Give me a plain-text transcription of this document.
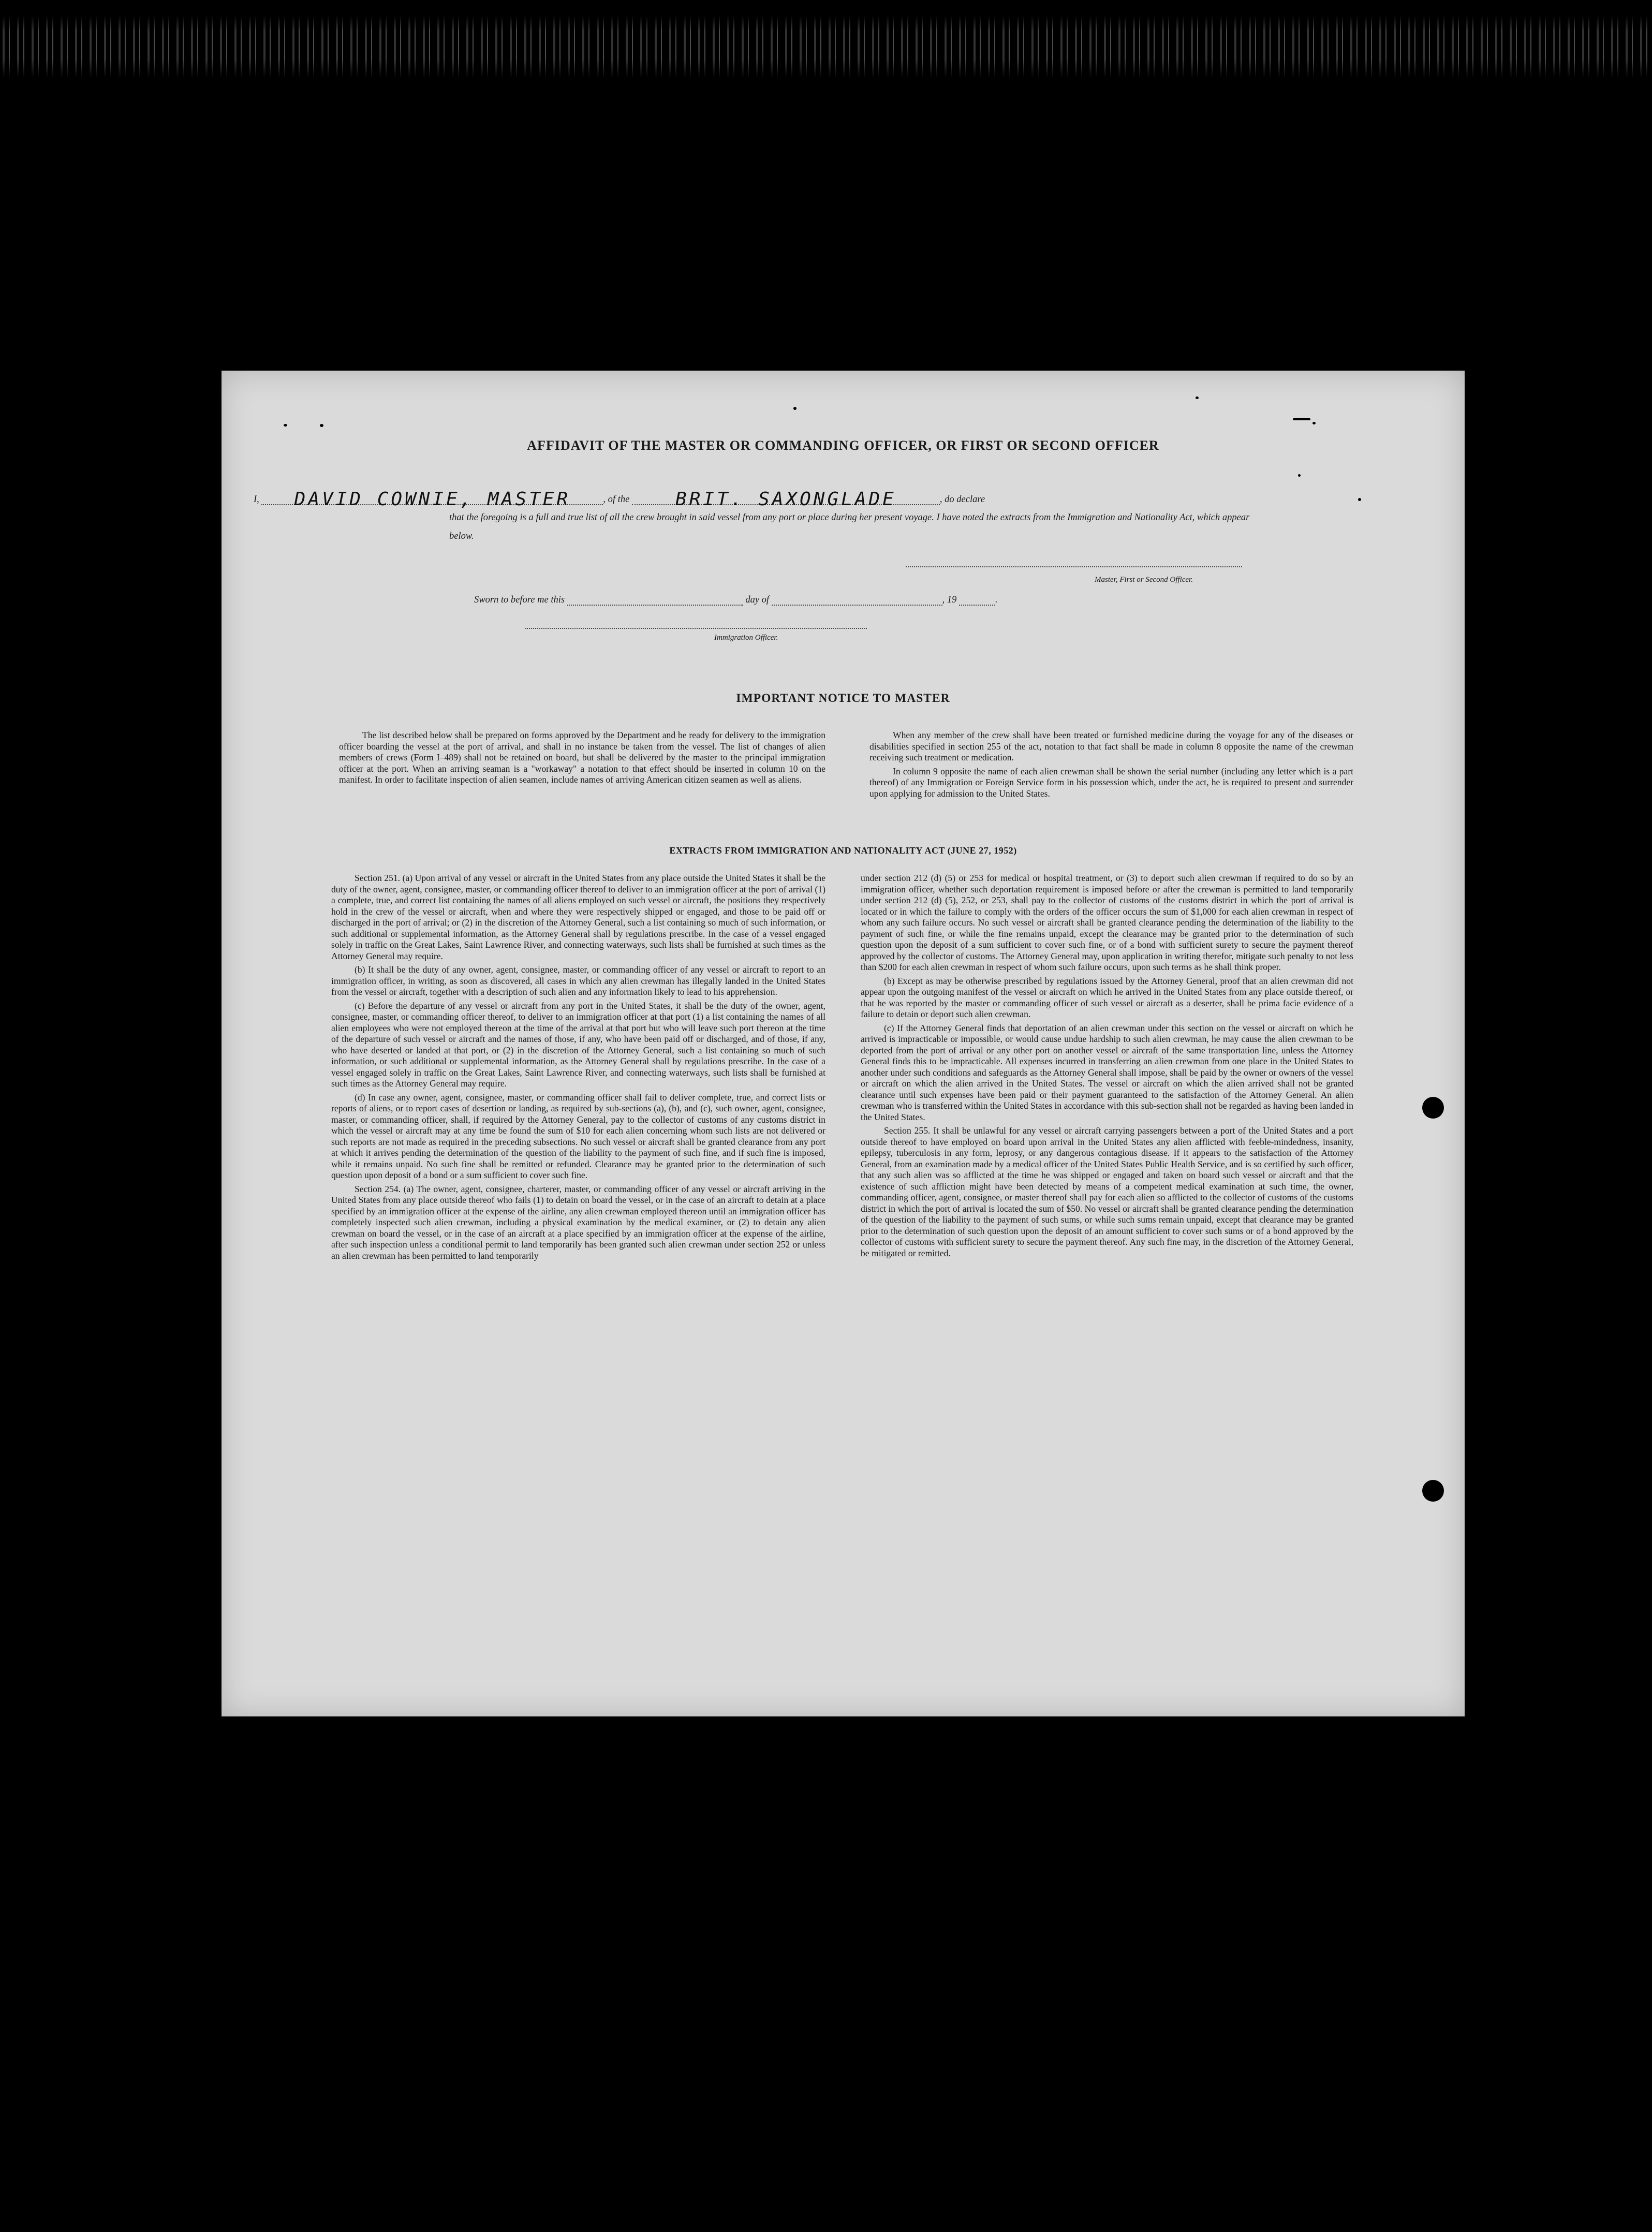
AFFIDAVIT OF THE MASTER OR COMMANDING OFFICER, OR FIRST OR SECOND OFFICER
I, DAVID COWNIE, MASTER	, of the BRIT. SAXONGLADE	, do declare
that the foregoing is a full and true list of all the crew brought in said vessel from any port or place during her present voyage. I have noted the extracts from the Immigration and Nationality Act, which appear below.
Master, First or Second Officer.
Sworn to before me this	day of	, 19	.
Immigration Officer.
IMPORTANT NOTICE TO MASTER

The list described below shall be prepared on forms approved by the Department and be ready for delivery to the immigration officer boarding the vessel at the port of arrival, and shall in no instance be taken from the vessel. The list of changes of alien members of crews (Form I–489) shall not be retained on board, but shall be delivered by the master to the principal immigration officer at the port. When an arriving seaman is a "workaway" a notation to that effect should be inserted in column 10 on the manifest. In order to facilitate inspection of alien seamen, include names of arriving American citizen seamen as well as aliens.

When any member of the crew shall have been treated or furnished medicine during the voyage for any of the diseases or disabilities specified in section 255 of the act, notation to that fact shall be made in column 8 opposite the name of the crewman receiving such treatment or medication.

In column 9 opposite the name of each alien crewman shall be shown the serial number (including any letter which is a part thereof) of any Immigration or Foreign Service form in his possession which, under the act, he is required to present and surrender upon applying for admission to the United States.

EXTRACTS FROM IMMIGRATION AND NATIONALITY ACT (JUNE 27, 1952)

Section 251. (a) Upon arrival of any vessel or aircraft in the United States from any place outside the United States it shall be the duty of the owner, agent, consignee, master, or commanding officer thereof to deliver to an immigration officer at the port of arrival (1) a complete, true, and correct list containing the names of all aliens employed on such vessel or aircraft, the positions they respectively hold in the crew of the vessel or aircraft, when and where they were respectively shipped or engaged, and those to be paid off or discharged in the port of arrival; or (2) in the discretion of the Attorney General, such a list containing so much of such information, or such additional or supplemental information, as the Attorney General shall by regulations prescribe. In the case of a vessel engaged solely in traffic on the Great Lakes, Saint Lawrence River, and connecting waterways, such lists shall be furnished at such times as the Attorney General may require.

(b) It shall be the duty of any owner, agent, consignee, master, or commanding officer of any vessel or aircraft to report to an immigration officer, in writing, as soon as discovered, all cases in which any alien crewman has illegally landed in the United States from the vessel or aircraft, together with a description of such alien and any information likely to lead to his apprehension.

(c) Before the departure of any vessel or aircraft from any port in the United States, it shall be the duty of the owner, agent, consignee, master, or commanding officer thereof, to deliver to an immigration officer at that port (1) a list containing the names of all alien employees who were not employed thereon at the time of the arrival at that port but who will leave such port thereon at the time of the departure of such vessel or aircraft and the names of those, if any, who have been paid off or discharged, and of those, if any, who have deserted or landed at that port, or (2) in the discretion of the Attorney General, such a list containing so much of such information, or such additional or supplemental information, as the Attorney General shall by regulations prescribe. In the case of a vessel engaged solely in traffic on the Great Lakes, Saint Lawrence River, and connecting waterways, such lists shall be furnished at such times as the Attorney General may require.

(d) In case any owner, agent, consignee, master, or commanding officer shall fail to deliver complete, true, and correct lists or reports of aliens, or to report cases of desertion or landing, as required by sub-sections (a), (b), and (c), such owner, agent, consignee, master, or commanding officer, shall, if required by the Attorney General, pay to the collector of customs of any customs district in which the vessel or aircraft may at any time be found the sum of $10 for each alien concerning whom such lists are not delivered or such reports are not made as required in the preceding subsections. No such vessel or aircraft shall be granted clearance from any port at which it arrives pending the determination of the question of the liability to the payment of such fine, and if such fine is imposed, while it remains unpaid. No such fine shall be remitted or refunded. Clearance may be granted prior to the determination of such question upon deposit of a bond or a sum sufficient to cover such fine.

Section 254. (a) The owner, agent, consignee, charterer, master, or commanding officer of any vessel or aircraft arriving in the United States from any place outside thereof who fails (1) to detain on board the vessel, or in the case of an aircraft to detain at a place specified by an immigration officer at the expense of the airline, any alien crewman employed thereon until an immigration officer has completely inspected such alien crewman, including a physical examination by the medical examiner, or (2) to detain any alien crewman on board the vessel, or in the case of an aircraft at a place specified by an immigration officer at the expense of the airline, after such inspection unless a conditional permit to land temporarily has been granted such alien crewman under section 252 or unless an alien crewman has been permitted to land temporarily

under section 212 (d) (5) or 253 for medical or hospital treatment, or (3) to deport such alien crewman if required to do so by an immigration officer, whether such deportation requirement is imposed before or after the crewman is permitted to land temporarily under section 212 (d) (5), 252, or 253, shall pay to the collector of customs of the customs district in which the port of arrival is located or in which the failure to comply with the orders of the officer occurs the sum of $1,000 for each alien crewman in respect of whom any such failure occurs. No such vessel or aircraft shall be granted clearance pending the determination of the liability to the payment of such fine, or while the fine remains unpaid, except the clearance may be granted prior to the determination of such question upon the deposit of a sum sufficient to cover such fine, or of a bond with sufficient surety to secure the payment thereof approved by the collector of customs. The Attorney General may, upon application in writing therefor, mitigate such penalty to not less than $200 for each alien crewman in respect of whom such failure occurs, upon such terms as he shall think proper.

(b) Except as may be otherwise prescribed by regulations issued by the Attorney General, proof that an alien crewman did not appear upon the outgoing manifest of the vessel or aircraft on which he arrived in the United States from any place outside thereof, or that he was reported by the master or commanding officer of such vessel or aircraft as a deserter, shall be prima facie evidence of a failure to detain or deport such alien crewman.

(c) If the Attorney General finds that deportation of an alien crewman under this section on the vessel or aircraft on which he arrived is impracticable or impossible, or would cause undue hardship to such alien crewman, he may cause the alien crewman to be deported from the port of arrival or any other port on another vessel or aircraft of the same transportation line, unless the Attorney General finds this to be impracticable. All expenses incurred in transferring an alien crewman from one place in the United States to another under such conditions and safeguards as the Attorney General shall impose, shall be paid by the owner or owners of the vessel or aircraft on which the alien arrived in the United States. The vessel or aircraft on which the alien arrived shall not be granted clearance until such expenses have been paid or their payment guaranteed to the satisfaction of the Attorney General. An alien crewman who is transferred within the United States in accordance with this sub-section shall not be regarded as having been landed in the United States.

Section 255. It shall be unlawful for any vessel or aircraft carrying passengers between a port of the United States and a port outside thereof to have employed on board upon arrival in the United States any alien afflicted with feeble-mindedness, insanity, epilepsy, tuberculosis in any form, leprosy, or any dangerous contagious disease. If it appears to the satisfaction of the Attorney General, from an examination made by a medical officer of the United States Public Health Service, and is so certified by such officer, that any such alien was so afflicted at the time he was shipped or engaged and taken on board such vessel or aircraft and that the existence of such affliction might have been detected by means of a competent medical examination at such time, the owner, commanding officer, agent, consignee, or master thereof shall pay for each alien so afflicted to the collector of customs of the customs district in which the port of arrival is located the sum of $50. No vessel or aircraft shall be granted clearance pending the determination of the question of the liability to the payment of such sums, or while such sums remain unpaid, except that clearance may be granted prior to the determination of such question upon the deposit of an amount sufficient to cover such sums or of a bond approved by the collector of customs with sufficient surety to secure the payment thereof. Any such fine may, in the discretion of the Attorney General, be mitigated or remitted.
